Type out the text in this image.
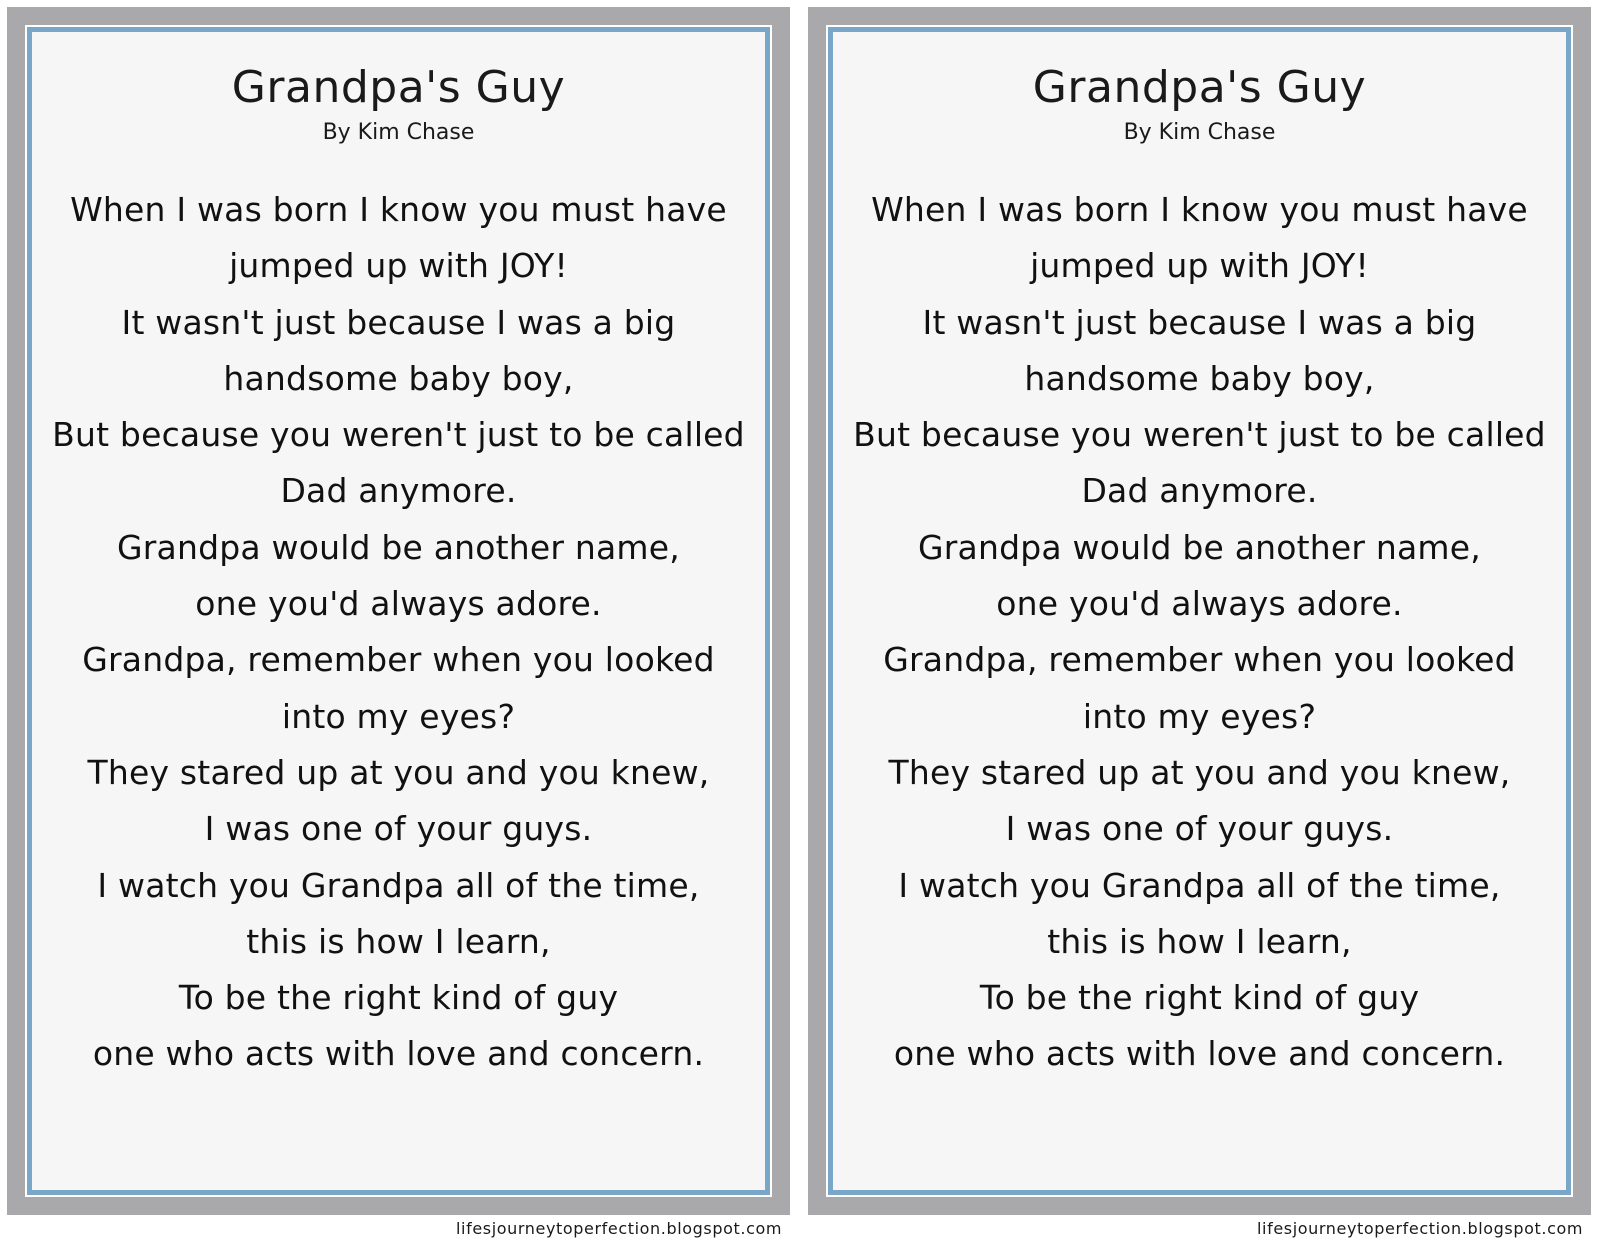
Grandpa's Guy
By Kim Chase
When I was born I know you must have
jumped up with JOY!
It wasn't just because I was a big
handsome baby boy,
But because you weren't just to be called
Dad anymore.
Grandpa would be another name,
one you'd always adore.
Grandpa, remember when you looked
into my eyes?
They stared up at you and you knew,
I was one of your guys.
I watch you Grandpa all of the time,
this is how I learn,
To be the right kind of guy
one who acts with love and concern.
Grandpa's Guy
By Kim Chase
When I was born I know you must have
jumped up with JOY!
It wasn't just because I was a big
handsome baby boy,
But because you weren't just to be called
Dad anymore.
Grandpa would be another name,
one you'd always adore.
Grandpa, remember when you looked
into my eyes?
They stared up at you and you knew,
I was one of your guys.
I watch you Grandpa all of the time,
this is how I learn,
To be the right kind of guy
one who acts with love and concern.
lifesjourneytoperfection.blogspot.com	lifesjourneytoperfection.blogspot.com
